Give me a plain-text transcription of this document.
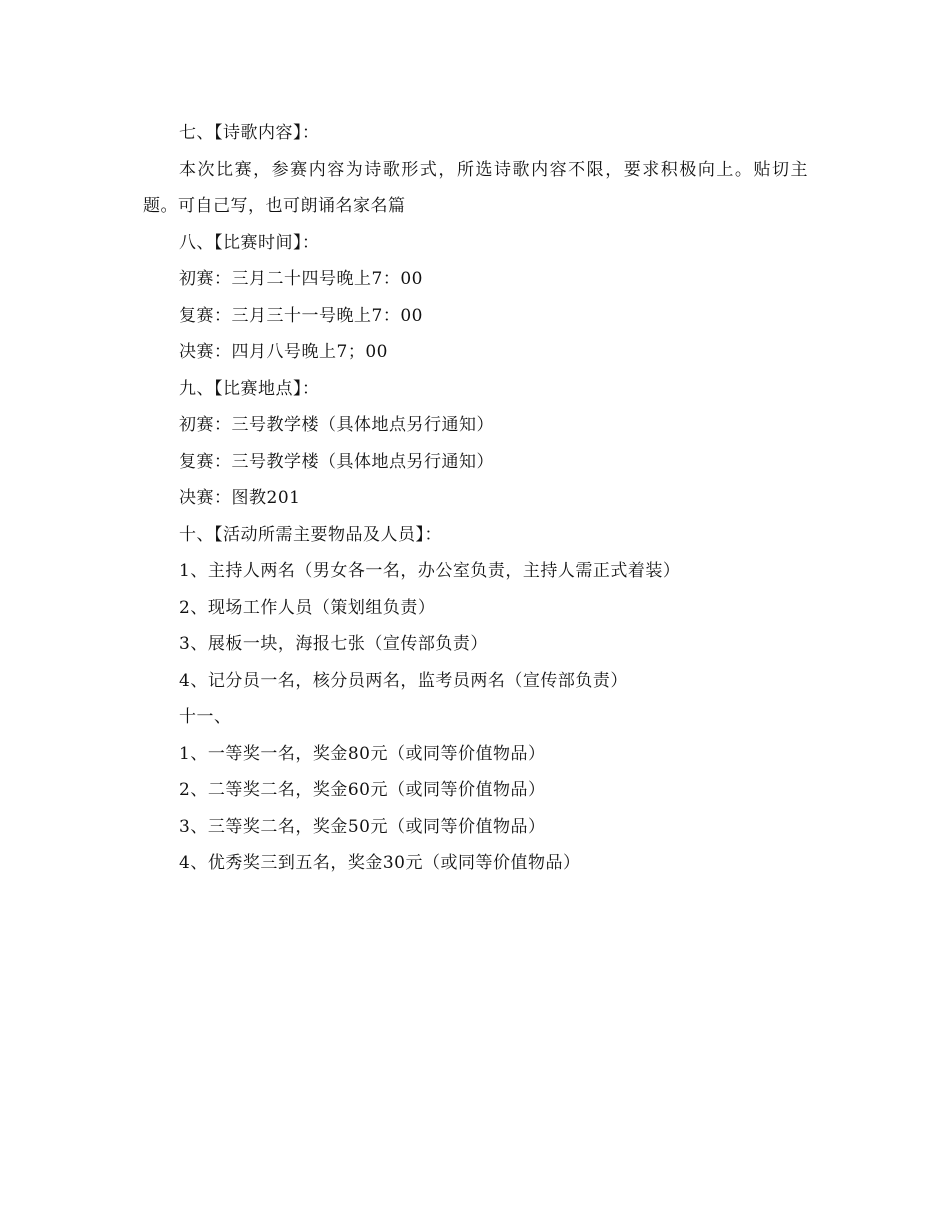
七、【诗歌内容】：
本次比赛，参赛内容为诗歌形式，所选诗歌内容不限，要求积极向上。贴切主题。可自己写，也可朗诵名家名篇
八、【比赛时间】：
初赛：三月二十四号晚上7：00
复赛：三月三十一号晚上7：00
决赛：四月八号晚上7；00
九、【比赛地点】：
初赛：三号教学楼（具体地点另行通知）
复赛：三号教学楼（具体地点另行通知）
决赛：图教201
十、【活动所需主要物品及人员】：
1、主持人两名（男女各一名，办公室负责，主持人需正式着装）
2、现场工作人员（策划组负责）
3、展板一块，海报七张（宣传部负责）
4、记分员一名，核分员两名，监考员两名（宣传部负责）
十一、
1、一等奖一名，奖金80元（或同等价值物品）
2、二等奖二名，奖金60元（或同等价值物品）
3、三等奖二名，奖金50元（或同等价值物品）
4、优秀奖三到五名，奖金30元（或同等价值物品）
